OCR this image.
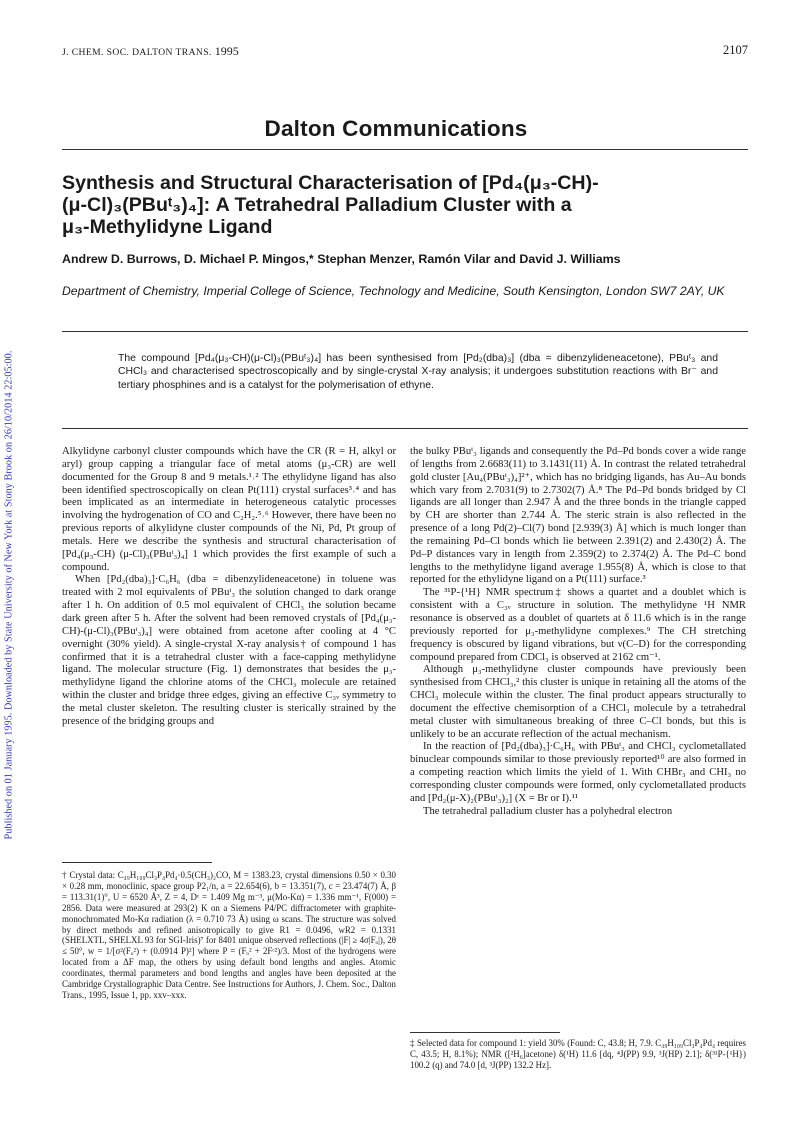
Published on 01 January 1995. Downloaded by State University of New York at Stony Brook on 26/10/2014 22:05:00.
J. CHEM. SOC. DALTON TRANS. 1995	2107
Dalton Communications
Synthesis and Structural Characterisation of [Pd₄(μ₃-CH)-
(μ-Cl)₃(PBuᵗ₃)₄]: A Tetrahedral Palladium Cluster with a
μ₃-Methylidyne Ligand
Andrew D. Burrows, D. Michael P. Mingos,* Stephan Menzer, Ramón Vilar and David J. Williams
Department of Chemistry, Imperial College of Science, Technology and Medicine, South Kensington, London SW7 2AY, UK
The compound [Pd₄(μ₃-CH)(μ-Cl)₃(PBuᵗ₃)₄] has been synthesised from [Pd₂(dba)₃] (dba = dibenzylideneacetone), PBuᵗ₃ and CHCl₃ and characterised spectroscopically and by single-crystal X-ray analysis; it undergoes substitution reactions with Br⁻ and tertiary phosphines and is a catalyst for the polymerisation of ethyne.

Alkylidyne carbonyl cluster compounds which have the CR (R = H, alkyl or aryl) group capping a triangular face of metal atoms (μ₃-CR) are well documented for the Group 8 and 9 metals.¹˒² The ethylidyne ligand has also been identified spectroscopically on clean Pt(111) crystal surfaces³˒⁴ and has been implicated as an intermediate in heterogeneous catalytic processes involving the hydrogenation of CO and C₂H₂.⁵˒⁶ However, there have been no previous reports of alkylidyne cluster compounds of the Ni, Pd, Pt group of metals. Here we describe the synthesis and structural characterisation of [Pd₄(μ₃-CH) (μ-Cl)₃(PBuᵗ₃)₄] 1 which provides the first example of such a compound.

When [Pd₂(dba)₃]·C₆H₆ (dba = dibenzylideneacetone) in toluene was treated with 2 mol equivalents of PBuᵗ₃ the solution changed to dark orange after 1 h. On addition of 0.5 mol equivalent of CHCl₃ the solution became dark green after 5 h. After the solvent had been removed crystals of [Pd₄(μ₃-CH)-(μ-Cl)₃(PBuᵗ₃)₄] were obtained from acetone after cooling at 4 °C overnight (30% yield). A single-crystal X-ray analysis† of compound 1 has confirmed that it is a tetrahedral cluster with a face-capping methylidyne ligand. The molecular structure (Fig. 1) demonstrates that besides the μ₃-methylidyne ligand the chlorine atoms of the CHCl₃ molecule are retained within the cluster and bridge three edges, giving an effective C₃ᵥ symmetry to the metal cluster skeleton. The resulting cluster is sterically strained by the presence of the bridging groups and

† Crystal data: C₄₉H₁₀₉Cl₃P₄Pd₄·0.5(CH₃)₂CO, M = 1383.23, crystal dimensions 0.50 × 0.30 × 0.28 mm, monoclinic, space group P2₁/n, a = 22.654(6), b = 13.351(7), c = 23.474(7) Å, β = 113.31(1)°, U = 6520 Å³, Z = 4, Dᶜ = 1.409 Mg m⁻³, μ(Mo-Kα) = 1.336 mm⁻¹, F(000) = 2856. Data were measured at 293(2) K on a Siemens P4/PC diffractometer with graphite-monochromated Mo-Kα radiation (λ = 0.710 73 Å) using ω scans. The structure was solved by direct methods and refined anisotropically to give R1 = 0.0496, wR2 = 0.1331 (SHELXTL, SHELXL 93 for SGI-Iris)⁷ for 8401 unique observed reflections (|F| ≥ 4σ|Fₒ|), 2θ ≤ 50°, w = 1/[σ²(Fₒ²) + (0.0914 P)²] where P = (Fₒ² + 2Fᶜ²)/3. Most of the hydrogens were located from a ΔF map, the others by using default bond lengths and angles. Atomic coordinates, thermal parameters and bond lengths and angles have been deposited at the Cambridge Crystallographic Data Centre. See Instructions for Authors, J. Chem. Soc., Dalton Trans., 1995, Issue 1, pp. xxv–xxx.

the bulky PBuᵗ₃ ligands and consequently the Pd–Pd bonds cover a wide range of lengths from 2.6683(11) to 3.1431(11) Å. In contrast the related tetrahedral gold cluster [Au₄(PBuᵗ₃)₄]²⁺, which has no bridging ligands, has Au–Au bonds which vary from 2.7031(9) to 2.7302(7) Å.⁸ The Pd–Pd bonds bridged by Cl ligands are all longer than 2.947 Å and the three bonds in the triangle capped by CH are shorter than 2.744 Å. The steric strain is also reflected in the presence of a long Pd(2)–Cl(7) bond [2.939(3) Å] which is much longer than the remaining Pd–Cl bonds which lie between 2.391(2) and 2.430(2) Å. The Pd–P distances vary in length from 2.359(2) to 2.374(2) Å. The Pd–C bond lengths to the methylidyne ligand average 1.955(8) Å, which is close to that reported for the ethylidyne ligand on a Pt(111) surface.³

The ³¹P-{¹H} NMR spectrum‡ shows a quartet and a doublet which is consistent with a C₃ᵥ structure in solution. The methylidyne ¹H NMR resonance is observed as a doublet of quartets at δ 11.6 which is in the range previously reported for μ₃-methylidyne complexes.⁹ The CH stretching frequency is obscured by ligand vibrations, but ν(C–D) for the corresponding compound prepared from CDCl₃ is observed at 2162 cm⁻¹.

Although μ₃-methylidyne cluster compounds have previously been synthesised from CHCl₃,² this cluster is unique in retaining all the atoms of the CHCl₃ molecule within the cluster. The final product appears structurally to document the effective chemisorption of a CHCl₃ molecule by a tetrahedral metal cluster with simultaneous breaking of three C–Cl bonds, but this is unlikely to be an accurate reflection of the actual mechanism.

In the reaction of [Pd₂(dba)₃]·C₆H₆ with PBuᵗ₃ and CHCl₃ cyclometallated binuclear compounds similar to those previously reported¹⁰ are also formed in a competing reaction which limits the yield of 1. With CHBr₃ and CHI₃ no corresponding cluster compounds were formed, only cyclometallated products and [Pd₂(μ-X)₂(PBuᵗ₃)₂] (X = Br or I).¹¹

The tetrahedral palladium cluster has a polyhedral electron

‡ Selected data for compound 1: yield 30% (Found: C, 43.8; H, 7.9. C₄₉H₁₀₉Cl₃P₄Pd₄ requires C, 43.5; H, 8.1%); NMR ([²H₆]acetone) δ(¹H) 11.6 [dq, ⁴J(PP) 9.9, ³J(HP) 2.1]; δ(³¹P-{¹H}) 100.2 (q) and 74.0 [d, ³J(PP) 132.2 Hz].
